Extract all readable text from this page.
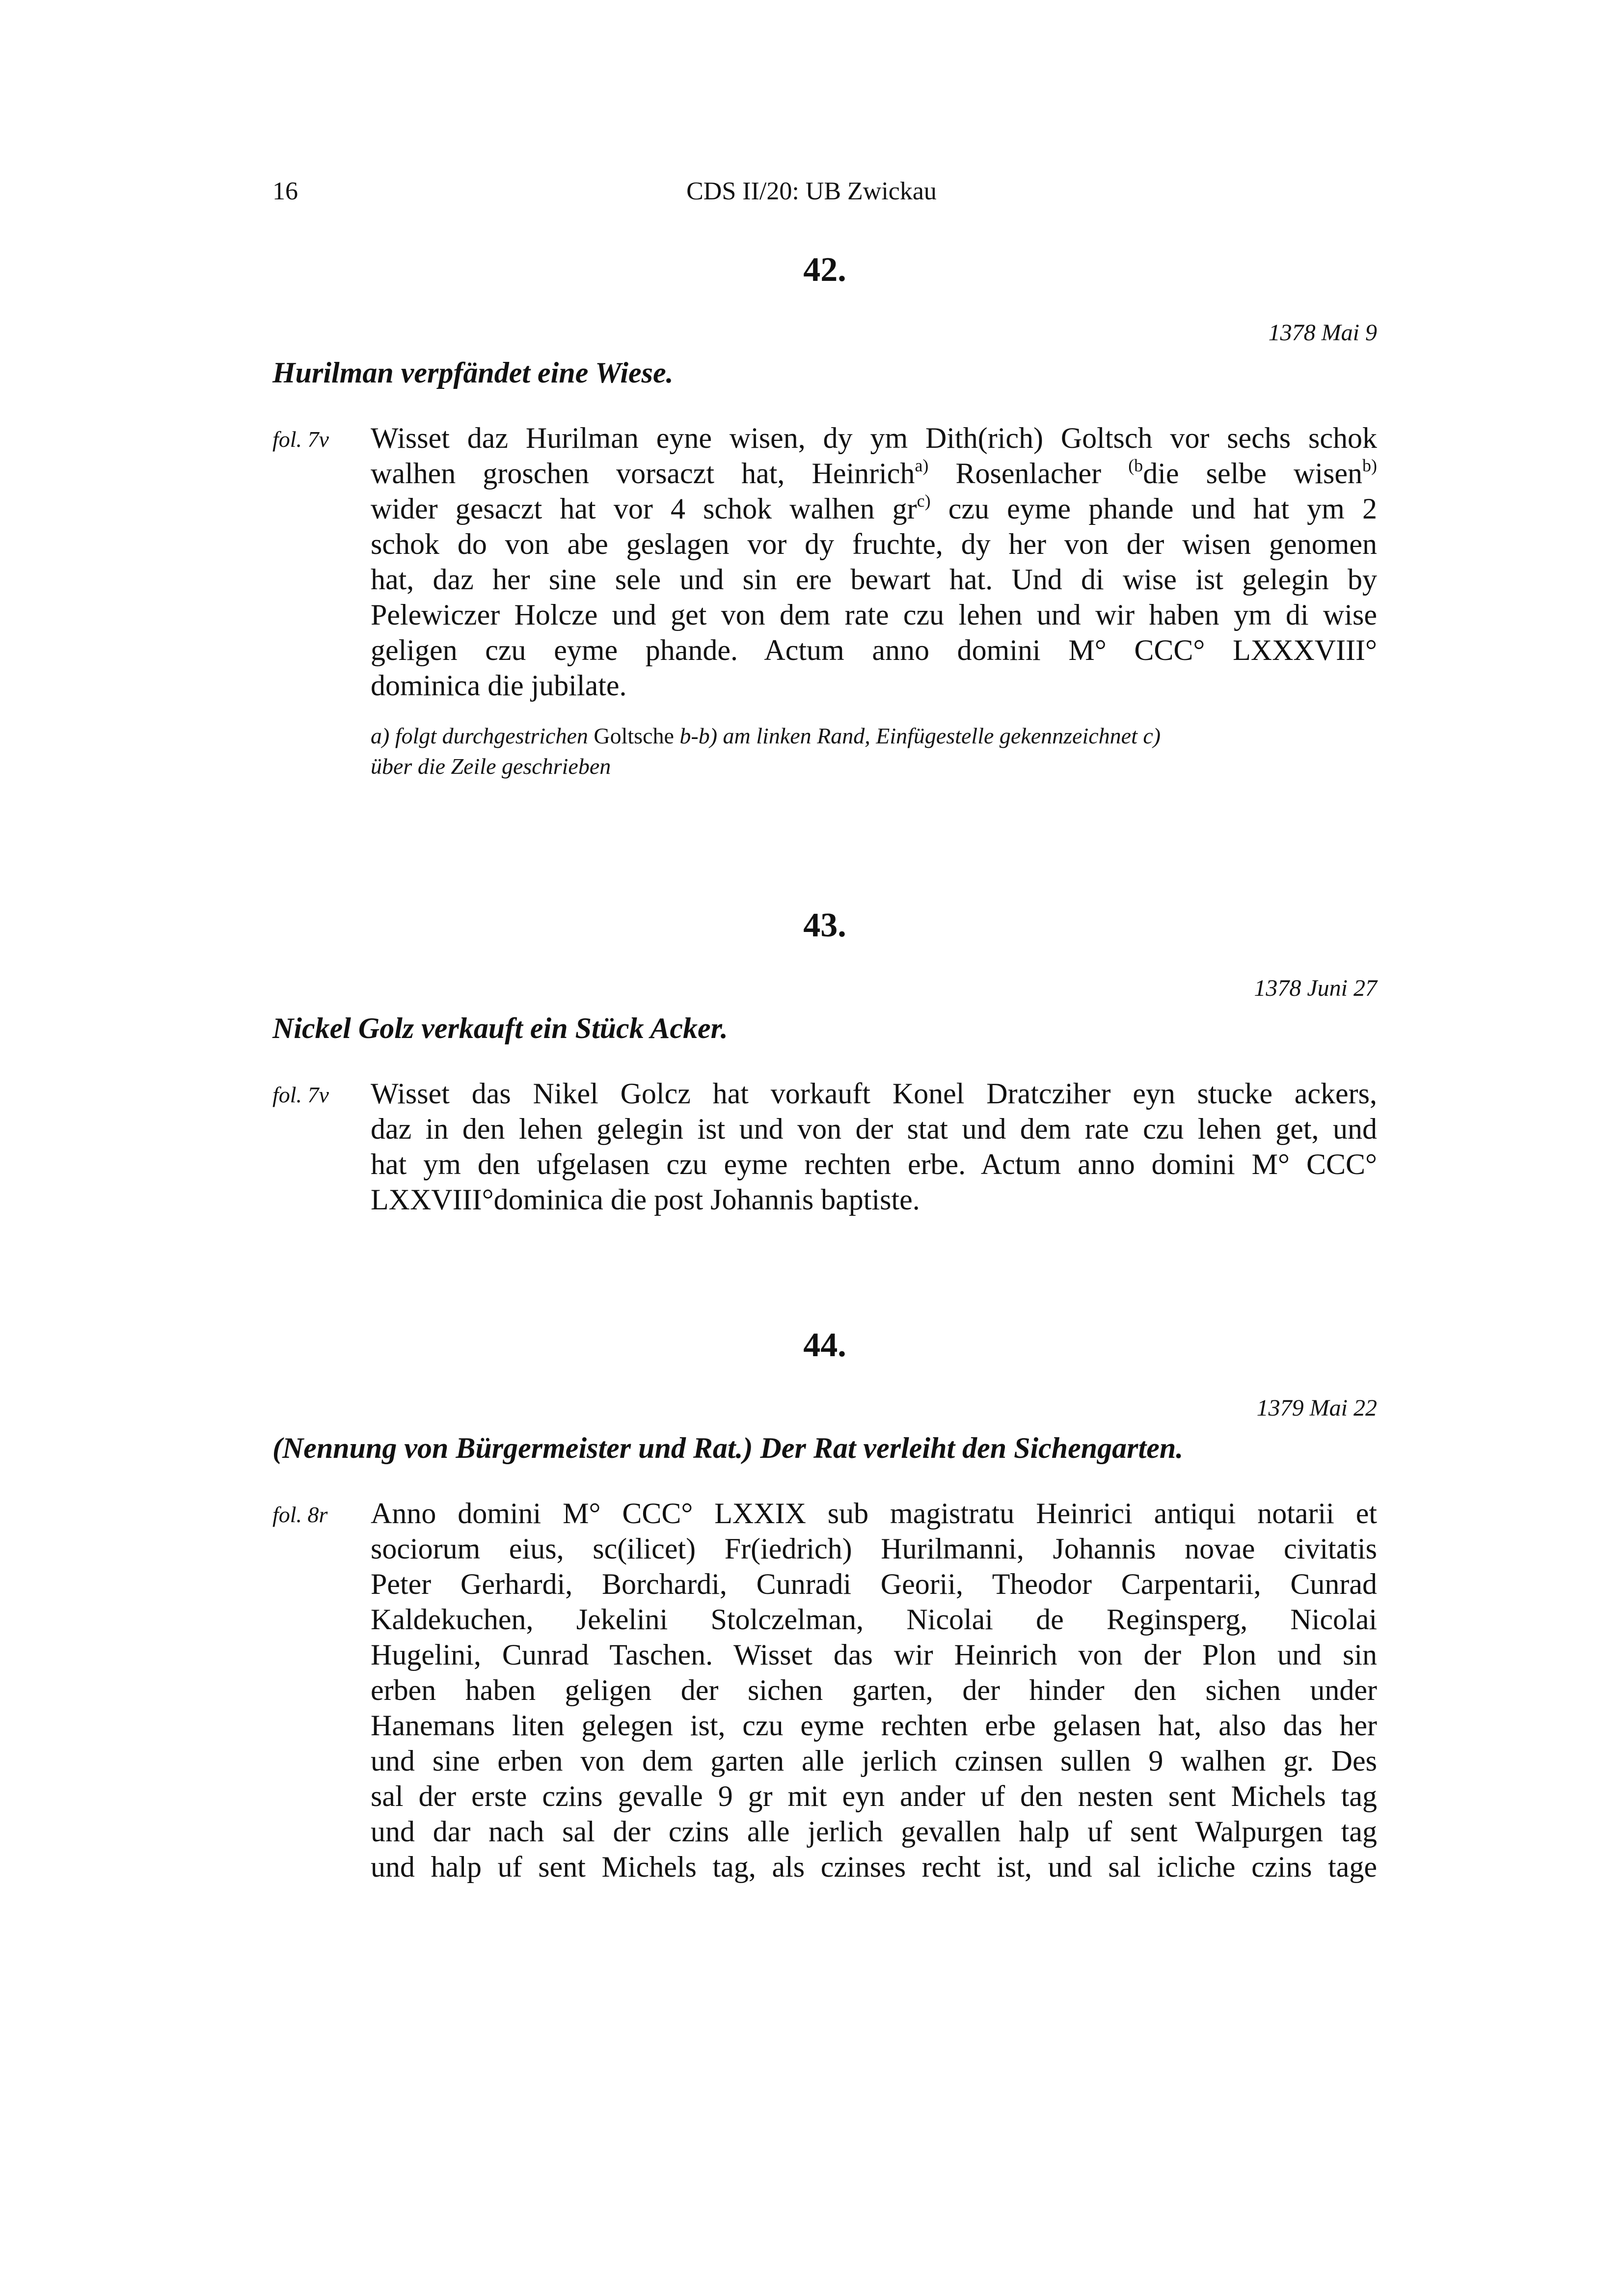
16	CDS II/20: UB Zwickau
42.
1378 Mai 9
Hurilman verpfändet eine Wiese.
fol. 7v Wisset daz Hurilman eyne wisen, dy ym Dith(rich) Goltsch vor sechs schok
walhen groschen vorsaczt hat, Heinrich$^{a)}$ Rosenlacher $^{(b}$die selbe wisen$^{b)}$
wider gesaczt hat vor 4 schok walhen $gr^{c)}$ czu eyme phande und hat ym 2
schok do von abe geslagen vor dy fruchte, dy her von der wisen genomen
hat, daz her sine sele und sin ere bewart hat. Und di wise ist gelegin by
Pelewiczer Holcze und get von dem rate czu lehen und wir haben ym di wise
geligen czu eyme phande. Actum anno domini M° CCC° LXXXVIII°
dominica die jubilate.
a) folgt durchgestrichen Goltsche b-b) am linken Rand, Einfügestelle gekennzeichnet c)
über die Zeile geschrieben
43.
1378 Juni 27
Nickel Golz verkauft ein Stück Acker.
fol. 7v Wisset das Nikel Golcz hat vorkauft Konel Dratcziher eyn stucke ackers,
daz in den lehen gelegin ist und von der stat und dem rate czu lehen get, und
hat ym den ufgelasen czu eyme rechten erbe. Actum anno domini M° CCC°
LXXVIII°dominica die post Johannis baptiste.
44.
1379 Mai 22
(Nennung von Bürgermeister und Rat.) Der Rat verleiht den Sichengarten.
fol. 8r Anno domini M° CCC° LXXIX sub magistratu Heinrici antiqui notarii et
sociorum eius, sc(ilicet) Fr(iedrich) Hurilmanni, Johannis novae civitatis
Peter Gerhardi, Borchardi, Cunradi Georii, Theodor Carpentarii, Cunrad
Kaldekuchen, Jekelini Stolczelman, Nicolai de Reginsperg, Nicolai
Hugelini, Cunrad Taschen. Wisset das wir Heinrich von der Plon und sin
erben haben geligen der sichen garten, der hinder den sichen under
Hanemans liten gelegen ist, czu eyme rechten erbe gelasen hat, also das her
und sine erben von dem garten alle jerlich czinsen sullen 9 walhen gr. Des
sal der erste czins gevalle 9 gr mit eyn ander uf den nesten sent Michels tag
und dar nach sal der czins alle jerlich gevallen halp uf sent Walpurgen tag
und halp uf sent Michels tag, als czinses recht ist, und sal icliche czins tage
